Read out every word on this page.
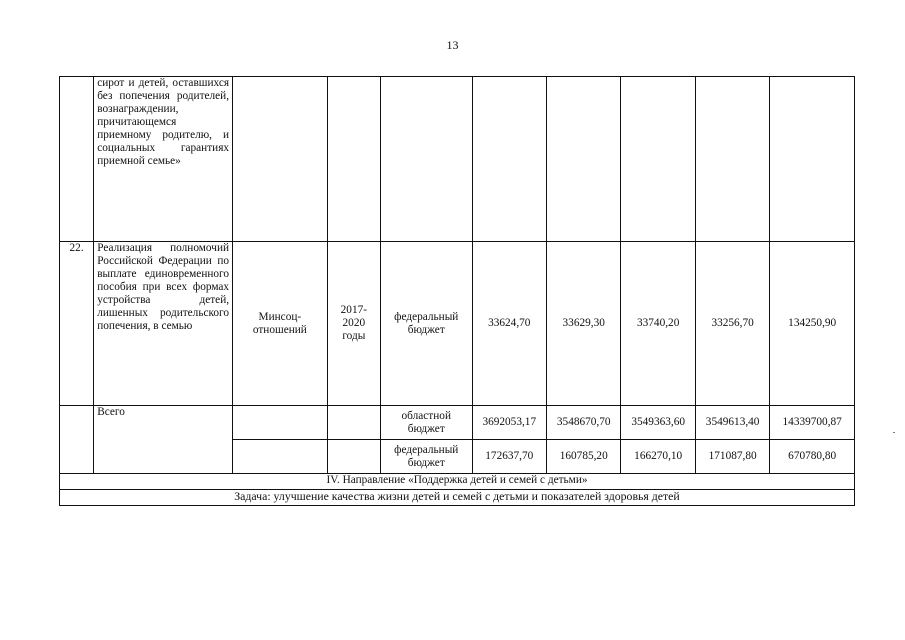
13
	сирот и детей, оставшихся без попечения родителей, вознаграждении, причитающемся приемному родителю, и социальных гарантиях приемной семье»								
22.	Реализация полномочий Российской Федерации по выплате единовременного пособия при всех формах устройства детей, лишенных родительского попечения, в семью	Минсоц-отношений	2017-2020 годы	федеральный бюджет	33624,70	33629,30	33740,20	33256,70	134250,90
	Всего			областной бюджет	3692053,17	3548670,70	3549363,60	3549613,40	14339700,87
				федеральный бюджет	172637,70	160785,20	166270,10	171087,80	670780,80
IV. Направление «Поддержка детей и семей с детьми»									
Задача: улучшение качества жизни детей и семей с детьми и показателей здоровья детей									
